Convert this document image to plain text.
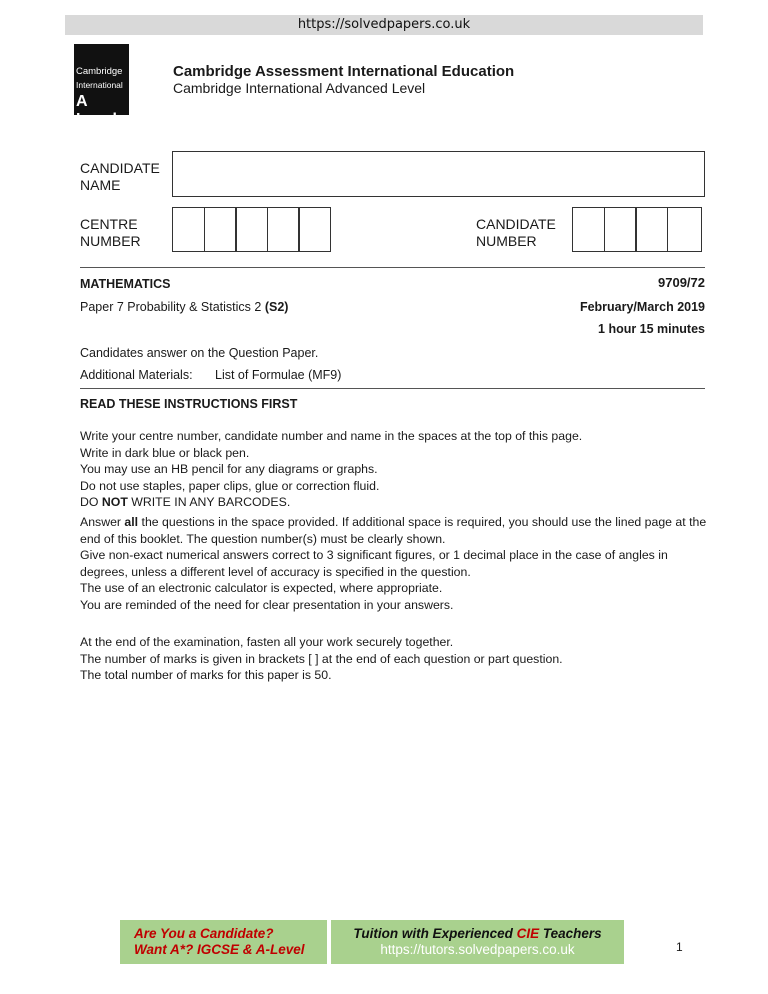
https://solvedpapers.co.uk
Cambridge
International
A Level
Cambridge Assessment International Education
Cambridge International Advanced Level
CANDIDATE
NAME
CENTRE
NUMBER
CANDIDATE
NUMBER
MATHEMATICS	9709/72
Paper 7 Probability & Statistics 2 (S2)	February/March 2019
1 hour 15 minutes
Candidates answer on the Question Paper.
Additional Materials: List of Formulae (MF9)
READ THESE INSTRUCTIONS FIRST
Write your centre number, candidate number and name in the spaces at the top of this page.
Write in dark blue or black pen.
You may use an HB pencil for any diagrams or graphs.
Do not use staples, paper clips, glue or correction fluid.
DO NOT WRITE IN ANY BARCODES.
Answer all the questions in the space provided. If additional space is required, you should use the lined page at the end of this booklet. The question number(s) must be clearly shown.
Give non-exact numerical answers correct to 3 significant figures, or 1 decimal place in the case of angles in degrees, unless a different level of accuracy is specified in the question.
The use of an electronic calculator is expected, where appropriate.
You are reminded of the need for clear presentation in your answers.
At the end of the examination, fasten all your work securely together.
The number of marks is given in brackets [ ] at the end of each question or part question.
The total number of marks for this paper is 50.
Are You a Candidate?
Want A*? IGCSE & A-Level
Tuition with Experienced CIE Teachers
https://tutors.solvedpapers.co.uk	1
